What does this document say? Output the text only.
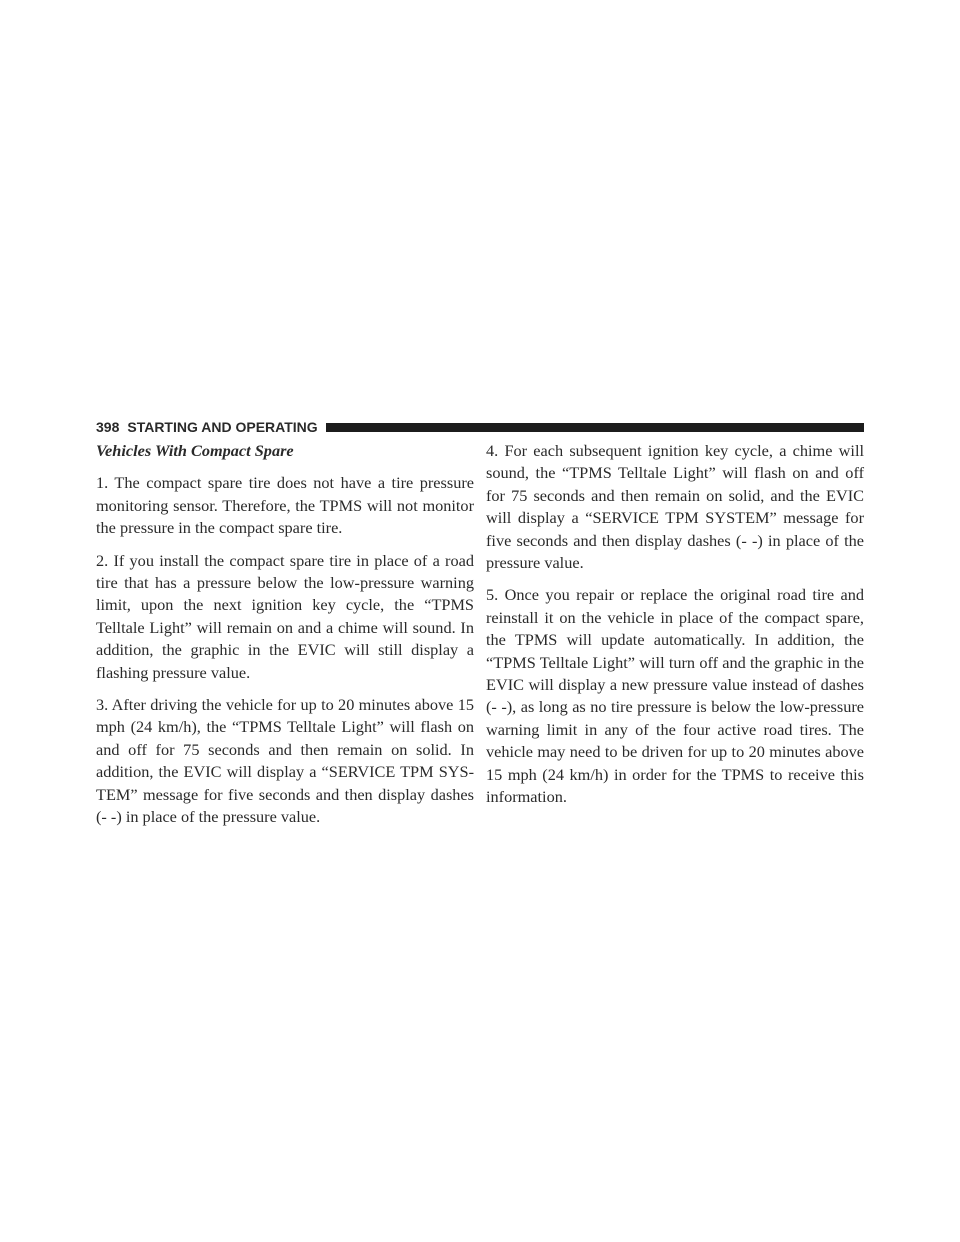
398 STARTING AND OPERATING
Vehicles With Compact Spare

1. The compact spare tire does not have a tire pressure monitoring sensor. Therefore, the TPMS will not monitor the pressure in the compact spare tire.

2. If you install the compact spare tire in place of a road tire that has a pressure below the low-pressure warning limit, upon the next ignition key cycle, the “TPMS Telltale Light” will remain on and a chime will sound. In addition, the graphic in the EVIC will still display a flashing pressure value.

3. After driving the vehicle for up to 20 minutes above 15 mph (24 km/h), the “TPMS Telltale Light” will flash on and off for 75 seconds and then remain on solid. In addition, the EVIC will display a “SERVICE TPM SYS-TEM” message for five seconds and then display dashes (- -) in place of the pressure value.

4. For each subsequent ignition key cycle, a chime will sound, the “TPMS Telltale Light” will flash on and off for 75 seconds and then remain on solid, and the EVIC will display a “SERVICE TPM SYSTEM” message for five seconds and then display dashes (- -) in place of the pressure value.

5. Once you repair or replace the original road tire and reinstall it on the vehicle in place of the compact spare, the TPMS will update automatically. In addition, the “TPMS Telltale Light” will turn off and the graphic in the EVIC will display a new pressure value instead of dashes (- -), as long as no tire pressure is below the low-pressure warning limit in any of the four active road tires. The vehicle may need to be driven for up to 20 minutes above 15 mph (24 km/h) in order for the TPMS to receive this information.
